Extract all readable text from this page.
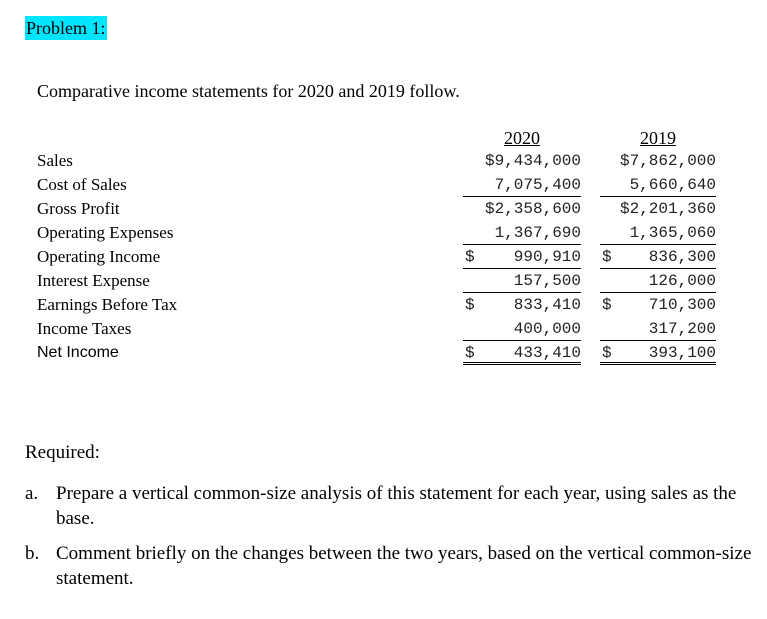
Problem 1:
Comparative income statements for 2020 and 2019 follow.
Sales
Cost of Sales
Gross Profit
Operating Expenses
Operating Income
Interest Expense
Earnings Before Tax
Income Taxes
Net Income
2020
$9,434,000
7,075,400
$2,358,600
1,367,690
$ 990,910
157,500
$ 833,410
400,000
$ 433,410
2019
$7,862,000
5,660,640
$2,201,360
1,365,060
$ 836,300
126,000
$ 710,300
317,200
$ 393,100
Required:
a. Prepare a vertical common-size analysis of this statement for each year, using sales as the base.
b. Comment briefly on the changes between the two years, based on the vertical common-size statement.
